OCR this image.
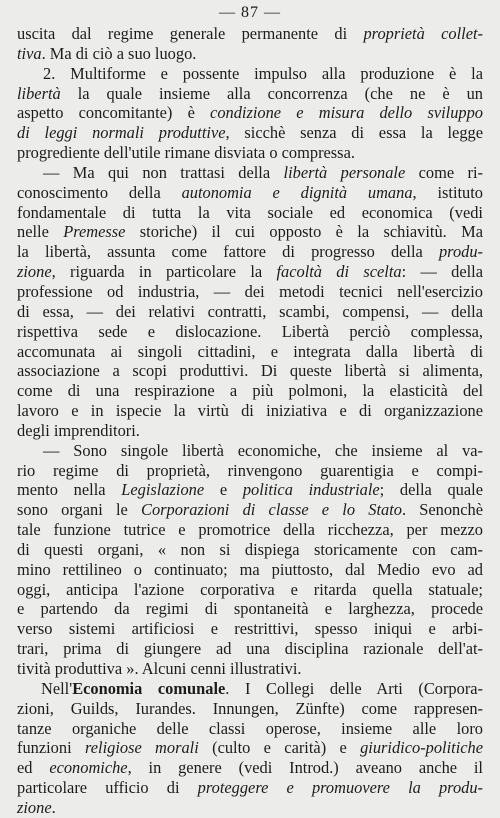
— 87 —
uscita dal regime generale permanente di proprietà collet-
tiva. Ma di ciò a suo luogo.
2. Multiforme e possente impulso alla produzione è la
libertà la quale insieme alla concorrenza (che ne è un
aspetto concomitante) è condizione e misura dello sviluppo
di leggi normali produttive, sicchè senza di essa la legge
progrediente dell'utile rimane disviata o compressa.
— Ma qui non trattasi della libertà personale come ri-
conoscimento della autonomia e dignità umana, istituto
fondamentale di tutta la vita sociale ed economica (vedi
nelle Premesse storiche) il cui opposto è la schiavitù. Ma
la libertà, assunta come fattore di progresso della produ-
zione, riguarda in particolare la facoltà di scelta: — della
professione od industria, — dei metodi tecnici nell'esercizio
di essa, — dei relativi contratti, scambi, compensi, — della
rispettiva sede e dislocazione. Libertà perciò complessa,
accomunata ai singoli cittadini, e integrata dalla libertà di
associazione a scopi produttivi. Di queste libertà si alimenta,
come di una respirazione a più polmoni, la elasticità del
lavoro e in ispecie la virtù di iniziativa e di organizzazione
degli imprenditori.
— Sono singole libertà economiche, che insieme al va-
rio regime di proprietà, rinvengono guarentigia e compi-
mento nella Legislazione e politica industriale; della quale
sono organi le Corporazioni di classe e lo Stato. Senonchè
tale funzione tutrice e promotrice della ricchezza, per mezzo
di questi organi, « non si dispiega storicamente con cam-
mino rettilineo o continuato; ma piuttosto, dal Medio evo ad
oggi, anticipa l'azione corporativa e ritarda quella statuale;
e partendo da regimi di spontaneità e larghezza, procede
verso sistemi artificiosi e restrittivi, spesso iniqui e arbi-
trari, prima di giungere ad una disciplina razionale dell'at-
tività produttiva ». Alcuni cenni illustrativi.
Nell'Economia comunale. I Collegi delle Arti (Corpora-
zioni, Guilds, Iurandes. Innungen, Zünfte) come rappresen-
tanze organiche delle classi operose, insieme alle loro
funzioni religiose morali (culto e carità) e giuridico-politiche
ed economiche, in genere (vedi Introd.) aveano anche il
particolare ufficio di proteggere e promuovere la produ-
zione.
